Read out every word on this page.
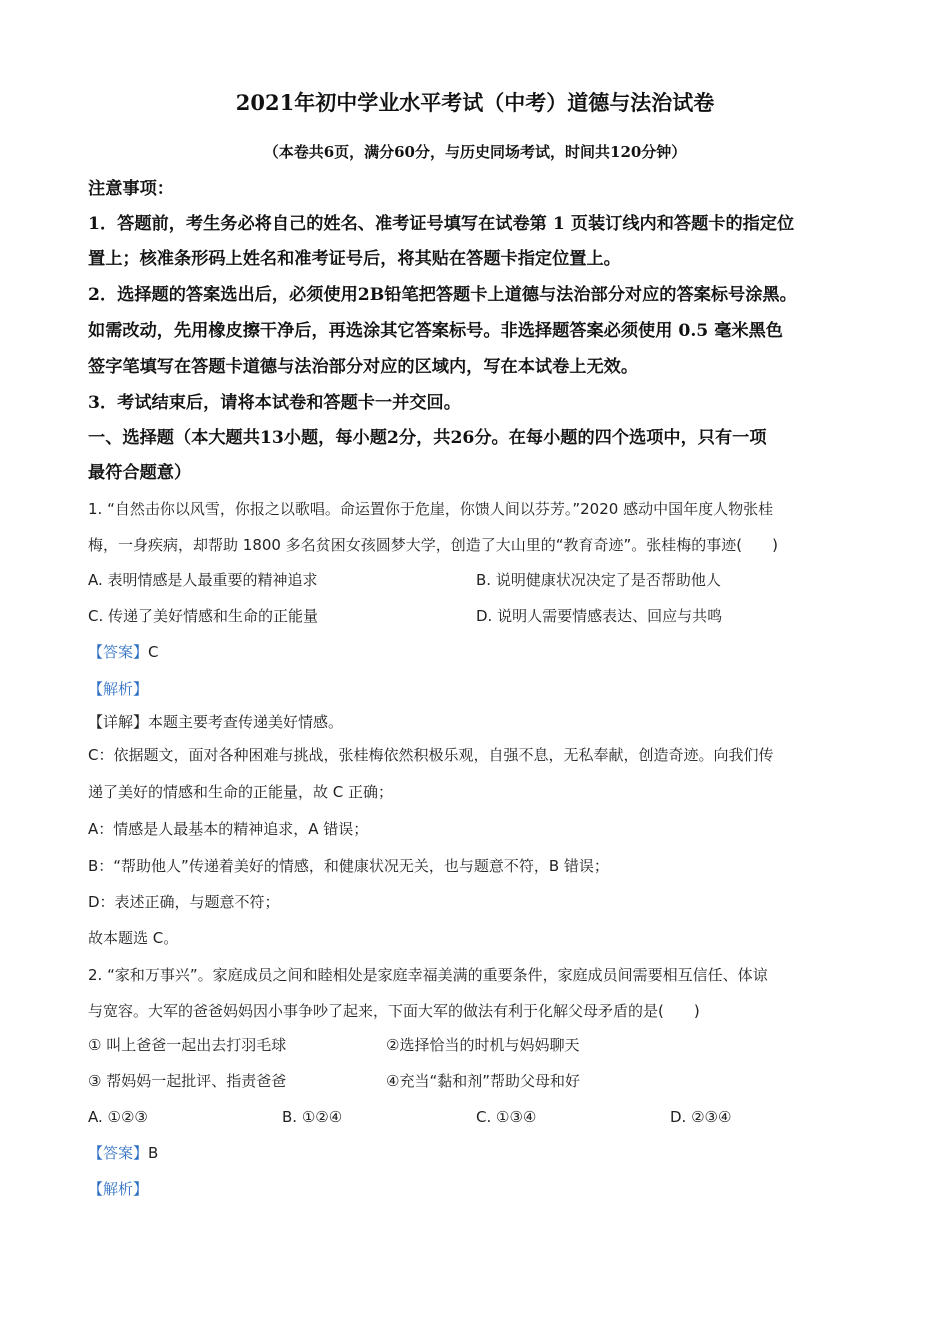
2021年初中学业水平考试（中考）道德与法治试卷
（本卷共6页，满分60分，与历史同场考试，时间共120分钟）
注意事项：
1．答题前，考生务必将自己的姓名、准考证号填写在试卷第 1 页装订线内和答题卡的指定位
置上；核准条形码上姓名和准考证号后，将其贴在答题卡指定位置上。
2．选择题的答案选出后，必须使用2B铅笔把答题卡上道德与法治部分对应的答案标号涂黑。
如需改动，先用橡皮擦干净后，再选涂其它答案标号。非选择题答案必须使用 0.5 毫米黑色
签字笔填写在答题卡道德与法治部分对应的区域内，写在本试卷上无效。
3．考试结束后，请将本试卷和答题卡一并交回。
一、选择题（本大题共13小题，每小题2分，共26分。在每小题的四个选项中，只有一项
最符合题意）
1. “自然击你以风雪，你报之以歌唱。命运置你于危崖，你馈人间以芬芳。”2020 感动中国年度人物张桂
梅，一身疾病，却帮助 1800 多名贫困女孩圆梦大学，创造了大山里的“教育奇迹”。张桂梅的事迹(　　)
A. 表明情感是人最重要的精神追求	B. 说明健康状况决定了是否帮助他人
C. 传递了美好情感和生命的正能量	D. 说明人需要情感表达、回应与共鸣
【答案】C
【解析】
【详解】本题主要考查传递美好情感。
C：依据题文，面对各种困难与挑战，张桂梅依然积极乐观，自强不息，无私奉献，创造奇迹。向我们传
递了美好的情感和生命的正能量，故 C 正确；
A：情感是人最基本的精神追求，A 错误；
B：“帮助他人”传递着美好的情感，和健康状况无关，也与题意不符，B 错误；
D：表述正确，与题意不符；
故本题选 C。
2. “家和万事兴”。家庭成员之间和睦相处是家庭幸福美满的重要条件，家庭成员间需要相互信任、体谅
与宽容。大军的爸爸妈妈因小事争吵了起来，下面大军的做法有利于化解父母矛盾的是(　　)
① 叫上爸爸一起出去打羽毛球	②选择恰当的时机与妈妈聊天
③ 帮妈妈一起批评、指责爸爸	④充当“黏和剂”帮助父母和好
A. ①②③	B. ①②④	C. ①③④	D. ②③④
【答案】B
【解析】
